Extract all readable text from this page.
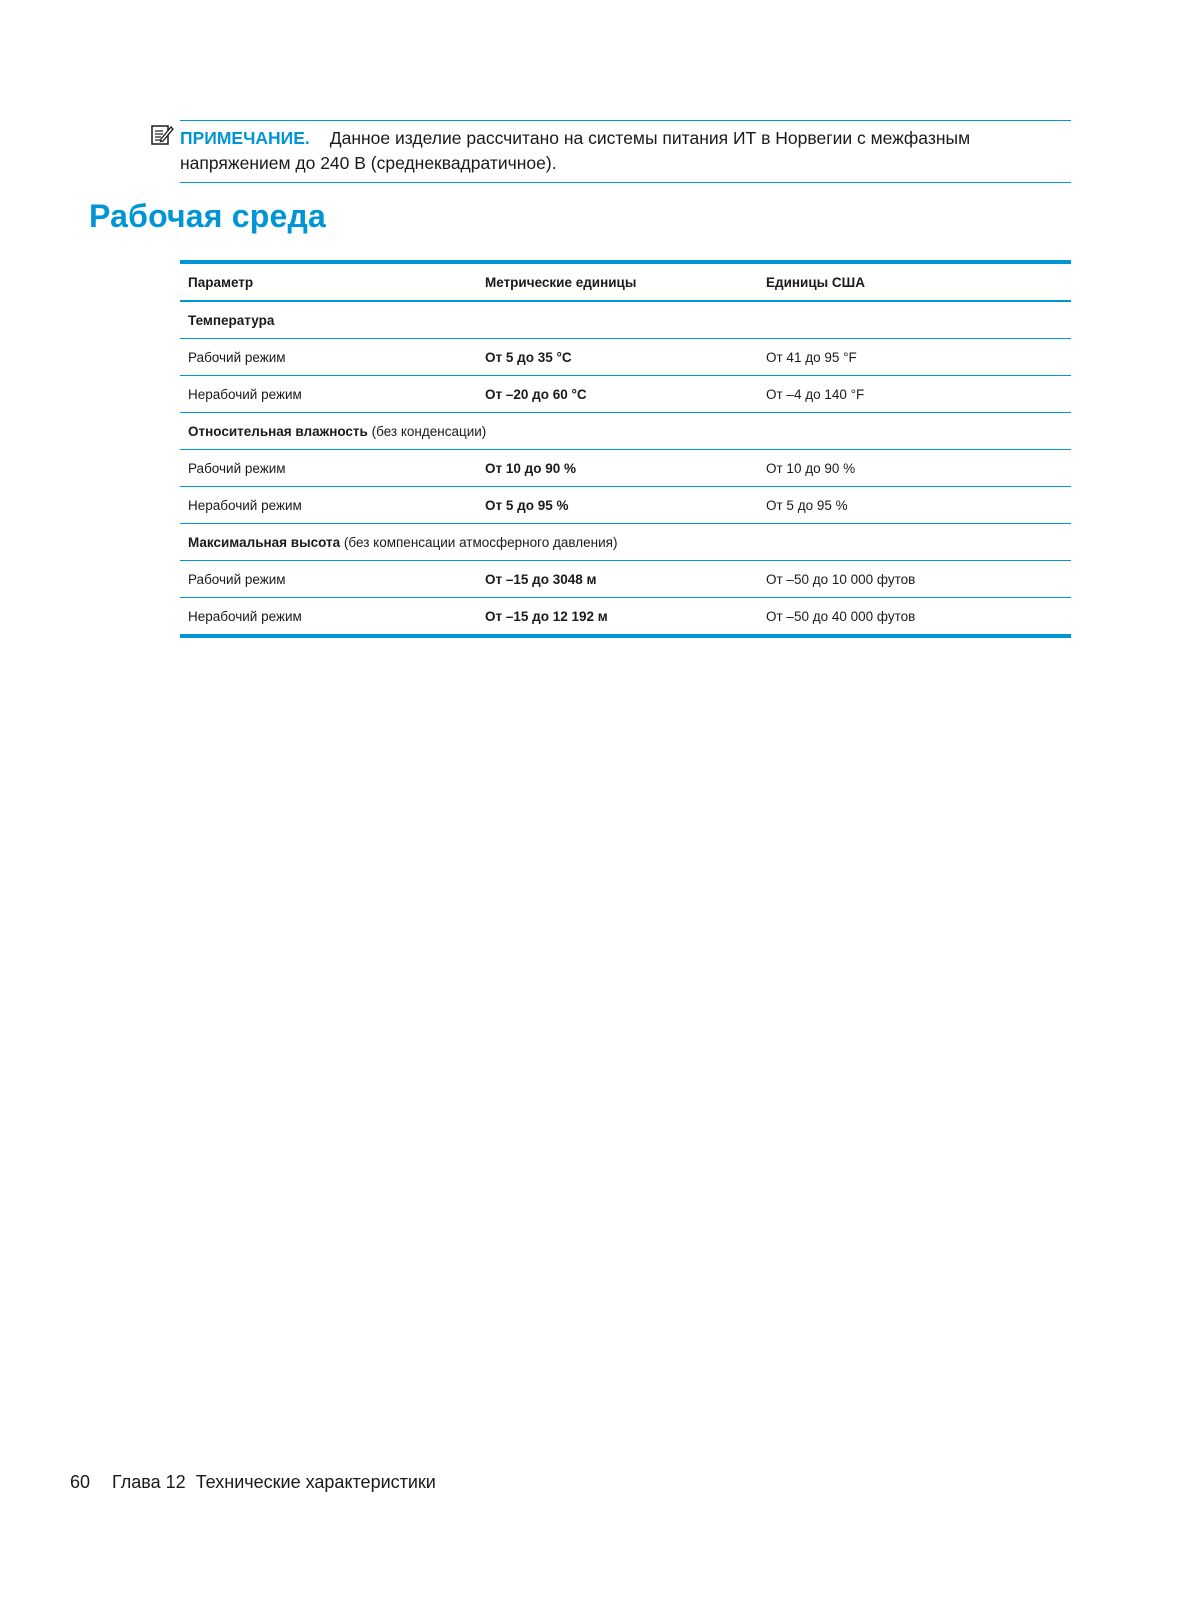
ПРИМЕЧАНИЕ. Данное изделие рассчитано на системы питания ИТ в Норвегии с межфазным напряжением до 240 В (среднеквадратичное).
Рабочая среда
Параметр	Метрические единицы	Единицы США
Температура		
Рабочий режим	От 5 до 35 °C	От 41 до 95 °F
Нерабочий режим	От –20 до 60 °C	От –4 до 140 °F
Относительная влажность (без конденсации)		
Рабочий режим	От 10 до 90 %	От 10 до 90 %
Нерабочий режим	От 5 до 95 %	От 5 до 95 %
Максимальная высота (без компенсации атмосферного давления)		
Рабочий режим	От –15 до 3048 м	От –50 до 10 000 футов
Нерабочий режим	От –15 до 12 192 м	От –50 до 40 000 футов
60 Глава 12 Технические характеристики
